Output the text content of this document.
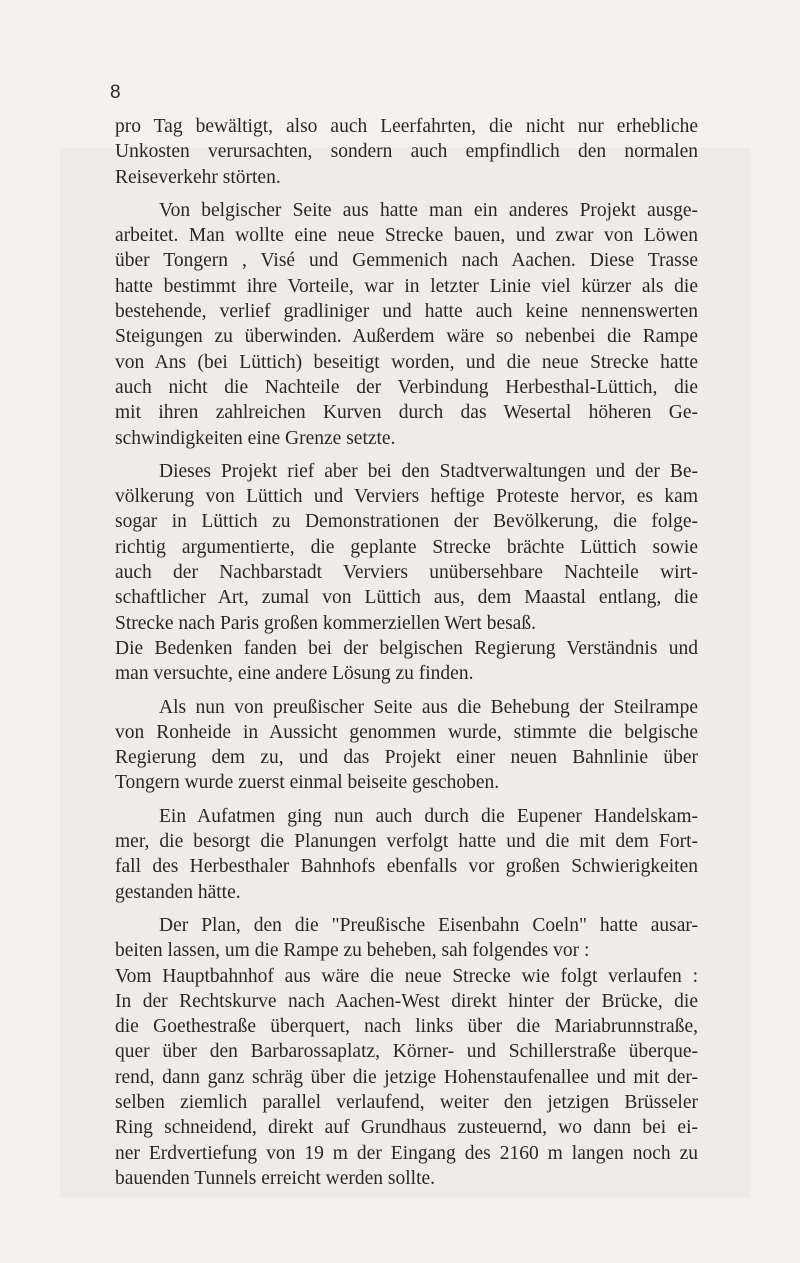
8

pro Tag bewältigt, also auch Leerfahrten, die nicht nur erhebliche
Unkosten verursachten, sondern auch empfindlich den normalen
Reiseverkehr störten.

Von belgischer Seite aus hatte man ein anderes Projekt ausge-
arbeitet. Man wollte eine neue Strecke bauen, und zwar von Löwen
über Tongern , Visé und Gemmenich nach Aachen. Diese Trasse
hatte bestimmt ihre Vorteile, war in letzter Linie viel kürzer als die
bestehende, verlief gradliniger und hatte auch keine nennenswerten
Steigungen zu überwinden. Außerdem wäre so nebenbei die Rampe
von Ans (bei Lüttich) beseitigt worden, und die neue Strecke hatte
auch nicht die Nachteile der Verbindung Herbesthal-Lüttich, die
mit ihren zahlreichen Kurven durch das Wesertal höheren Ge-
schwindigkeiten eine Grenze setzte.

Dieses Projekt rief aber bei den Stadtverwaltungen und der Be-
völkerung von Lüttich und Verviers heftige Proteste hervor, es kam
sogar in Lüttich zu Demonstrationen der Bevölkerung, die folge-
richtig argumentierte, die geplante Strecke brächte Lüttich sowie
auch der Nachbarstadt Verviers unübersehbare Nachteile wirt-
schaftlicher Art, zumal von Lüttich aus, dem Maastal entlang, die
Strecke nach Paris großen kommerziellen Wert besaß.
Die Bedenken fanden bei der belgischen Regierung Verständnis und
man versuchte, eine andere Lösung zu finden.

Als nun von preußischer Seite aus die Behebung der Steilrampe
von Ronheide in Aussicht genommen wurde, stimmte die belgische
Regierung dem zu, und das Projekt einer neuen Bahnlinie über
Tongern wurde zuerst einmal beiseite geschoben.

Ein Aufatmen ging nun auch durch die Eupener Handelskam-
mer, die besorgt die Planungen verfolgt hatte und die mit dem Fort-
fall des Herbesthaler Bahnhofs ebenfalls vor großen Schwierigkeiten
gestanden hätte.

Der Plan, den die "Preußische Eisenbahn Coeln" hatte ausar-
beiten lassen, um die Rampe zu beheben, sah folgendes vor :
Vom Hauptbahnhof aus wäre die neue Strecke wie folgt verlaufen :
In der Rechtskurve nach Aachen-West direkt hinter der Brücke, die
die Goethestraße überquert, nach links über die Mariabrunnstraße,
quer über den Barbarossaplatz, Körner- und Schillerstraße überque-
rend, dann ganz schräg über die jetzige Hohenstaufenallee und mit der-
selben ziemlich parallel verlaufend, weiter den jetzigen Brüsseler
Ring schneidend, direkt auf Grundhaus zusteuernd, wo dann bei ei-
ner Erdvertiefung von 19 m der Eingang des 2160 m langen noch zu
bauenden Tunnels erreicht werden sollte.
